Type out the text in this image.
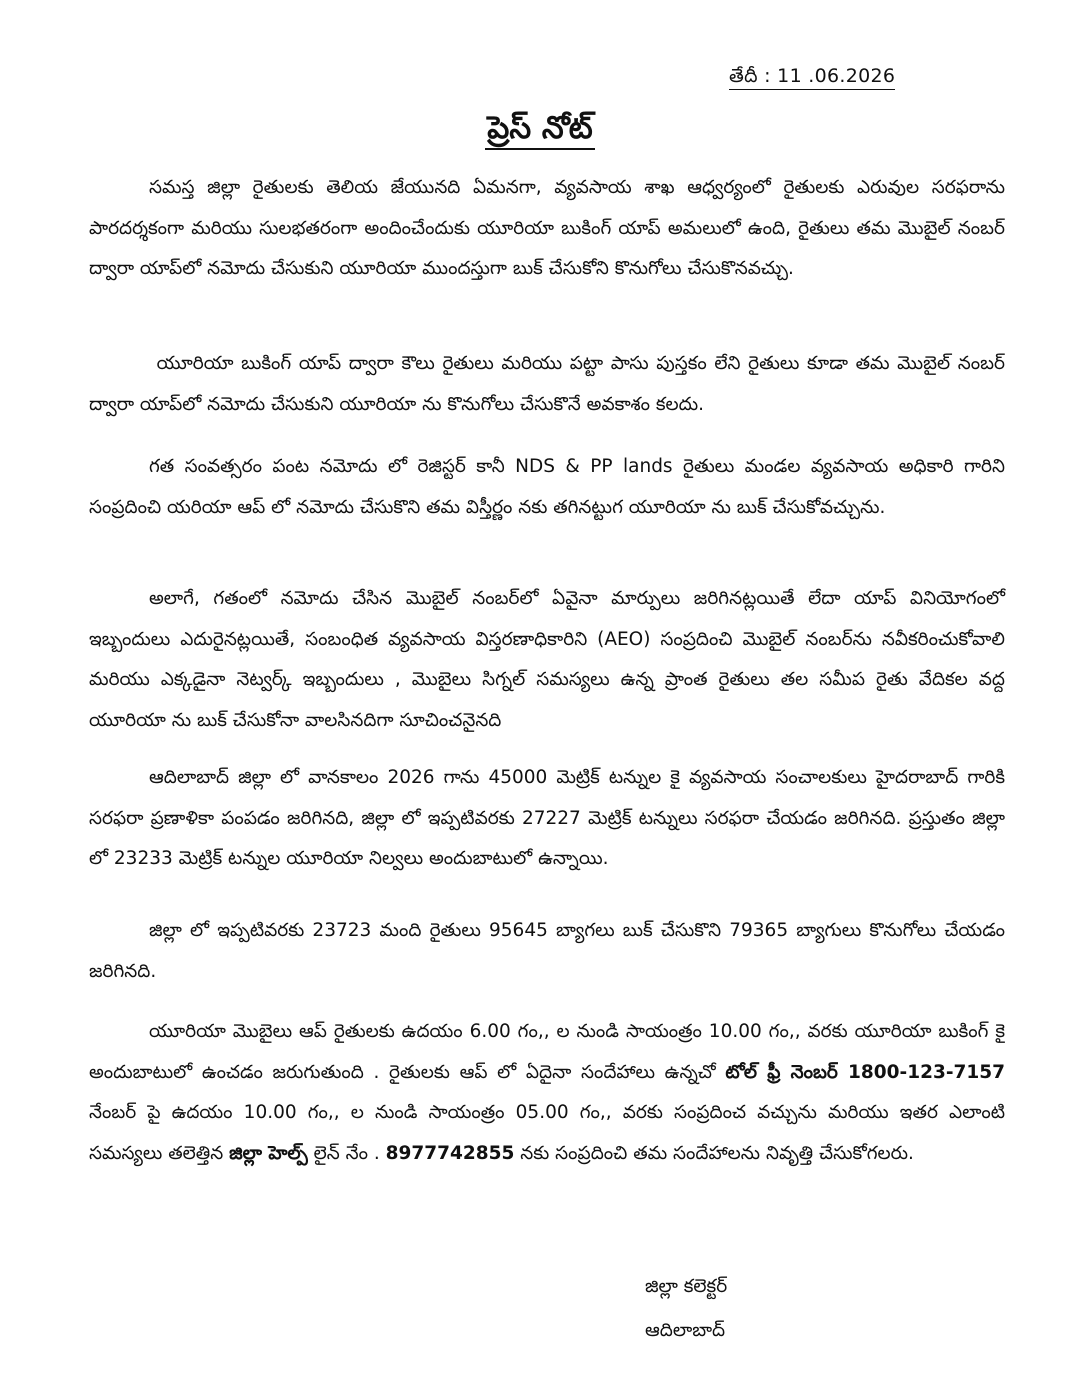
తేదీ : 11 .06.2026
ప్రెస్ నోట్

సమస్త జిల్లా రైతులకు తెలియ జేయునది ఏమనగా, వ్యవసాయ శాఖ ఆధ్వర్యంలో రైతులకు ఎరువుల సరఫరాను పారదర్శకంగా మరియు సులభతరంగా అందించేందుకు యూరియా బుకింగ్ యాప్ అమలులో ఉంది, రైతులు తమ మొబైల్ నంబర్ ద్వారా యాప్‌లో నమోదు చేసుకుని యూరియా ముందస్తుగా బుక్ చేసుకోని కొనుగోలు చేసుకొనవచ్చు.

యూరియా బుకింగ్ యాప్ ద్వారా కౌలు రైతులు మరియు పట్టా పాసు పుస్తకం లేని రైతులు కూడా తమ మొబైల్ నంబర్ ద్వారా యాప్‌లో నమోదు చేసుకుని యూరియా ను కొనుగోలు చేసుకొనే అవకాశం కలదు.

గత సంవత్సరం పంట నమోదు లో రెజిస్టర్ కానీ NDS & PP lands రైతులు మండల వ్యవసాయ అధికారి గారిని సంప్రదించి యరియా ఆప్ లో నమోదు చేసుకొని తమ విస్తీర్ణం నకు తగినట్టుగ యూరియా ను బుక్ చేసుకోవచ్చును.

అలాగే, గతంలో నమోదు చేసిన మొబైల్ నంబర్‌లో ఏవైనా మార్పులు జరిగినట్లయితే లేదా యాప్ వినియోగంలో ఇబ్బందులు ఎదురైనట్లయితే, సంబంధిత వ్యవసాయ విస్తరణాధికారిని (AEO) సంప్రదించి మొబైల్ నంబర్‌ను నవీకరించుకోవాలి మరియు ఎక్కడైనా నెట్వర్క్ ఇబ్బందులు , మొబైలు సిగ్నల్ సమస్యలు ఉన్న ప్రాంత రైతులు తల సమీప రైతు వేదికల వద్ద యూరియా ను బుక్ చేసుకోనా వాలసినదిగా సూచించనైనది

ఆదిలాబాద్ జిల్లా లో వానకాలం 2026 గాను 45000 మెట్రిక్ టన్నుల కై వ్యవసాయ సంచాలకులు హైదరాబాద్ గారికి సరఫరా ప్రణాళికా పంపడం జరిగినది, జిల్లా లో ఇప్పటివరకు 27227 మెట్రిక్ టన్నులు సరఫరా చేయడం జరిగినది. ప్రస్తుతం జిల్లా లో 23233 మెట్రిక్ టన్నుల యూరియా నిల్వలు అందుబాటులో ఉన్నాయి.

జిల్లా లో ఇప్పటివరకు 23723 మంది రైతులు 95645 బ్యాగలు బుక్ చేసుకొని 79365 బ్యాగులు కొనుగోలు చేయడం జరిగినది.

యూరియా మొబైలు ఆప్ రైతులకు ఉదయం 6.00 గం,, ల నుండి సాయంత్రం 10.00 గం,, వరకు యూరియా బుకింగ్ కై అందుబాటులో ఉంచడం జరుగుతుంది . రైతులకు ఆప్ లో ఏదైనా సందేహాలు ఉన్నచో టోల్ ఫ్రీ నెంబర్ 1800-123-7157 నేంబర్ పై ఉదయం 10.00 గం,, ల నుండి సాయంత్రం 05.00 గం,, వరకు సంప్రదించ వచ్చును మరియు ఇతర ఎలాంటి సమస్యలు తలెత్తిన జిల్లా హెల్ప్ లైన్ నేం . 8977742855 నకు సంప్రదించి తమ సందేహాలను నివృత్తి చేసుకోగలరు.

జిల్లా కలెక్టర్
ఆదిలాబాద్
